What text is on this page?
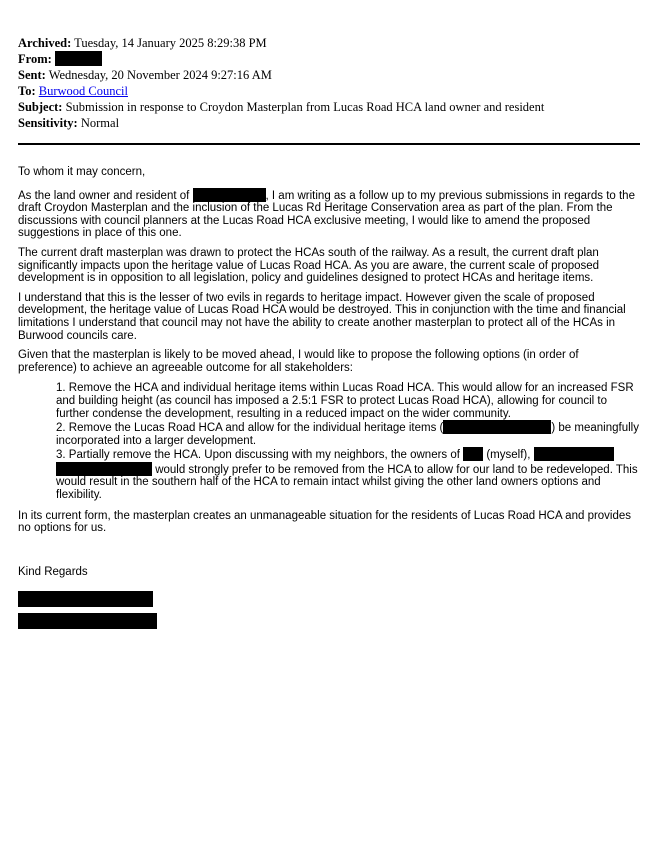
Archived: Tuesday, 14 January 2025 8:29:38 PM
From:
Sent: Wednesday, 20 November 2024 9:27:16 AM
To: Burwood Council
Subject: Submission in response to Croydon Masterplan from Lucas Road HCA land owner and resident
Sensitivity: Normal

To whom it may concern,

As the land owner and resident of	, I am writing as a follow up to my previous submissions in regards to the draft Croydon Masterplan and the inclusion of the Lucas Rd Heritage Conservation area as part of the plan. From the discussions with council planners at the Lucas Road HCA exclusive meeting, I would like to amend the proposed suggestions in place of this one.

The current draft masterplan was drawn to protect the HCAs south of the railway. As a result, the current draft plan significantly impacts upon the heritage value of Lucas Road HCA. As you are aware, the current scale of proposed development is in opposition to all legislation, policy and guidelines designed to protect HCAs and heritage items.

I understand that this is the lesser of two evils in regards to heritage impact. However given the scale of proposed development, the heritage value of Lucas Road HCA would be destroyed. This in conjunction with the time and financial limitations I understand that council may not have the ability to create another masterplan to protect all of the HCAs in Burwood councils care.

Given that the masterplan is likely to be moved ahead, I would like to propose the following options (in order of preference) to achieve an agreeable outcome for all stakeholders:

1. Remove the HCA and individual heritage items within Lucas Road HCA. This would allow for an increased FSR and building height (as council has imposed a 2.5:1 FSR to protect Lucas Road HCA), allowing for council to further condense the development, resulting in a reduced impact on the wider community.
2. Remove the Lucas Road HCA and allow for the individual heritage items (	) be meaningfully incorporated into a larger development.
3. Partially remove the HCA. Upon discussing with my neighbors, the owners of  (myself),  would strongly prefer to be removed from the HCA to allow for our land to be redeveloped. This would result in the southern half of the HCA to remain intact whilst giving the other land owners options and flexibility.

In its current form, the masterplan creates an unmanageable situation for the residents of Lucas Road HCA and provides no options for us.

Kind Regards
